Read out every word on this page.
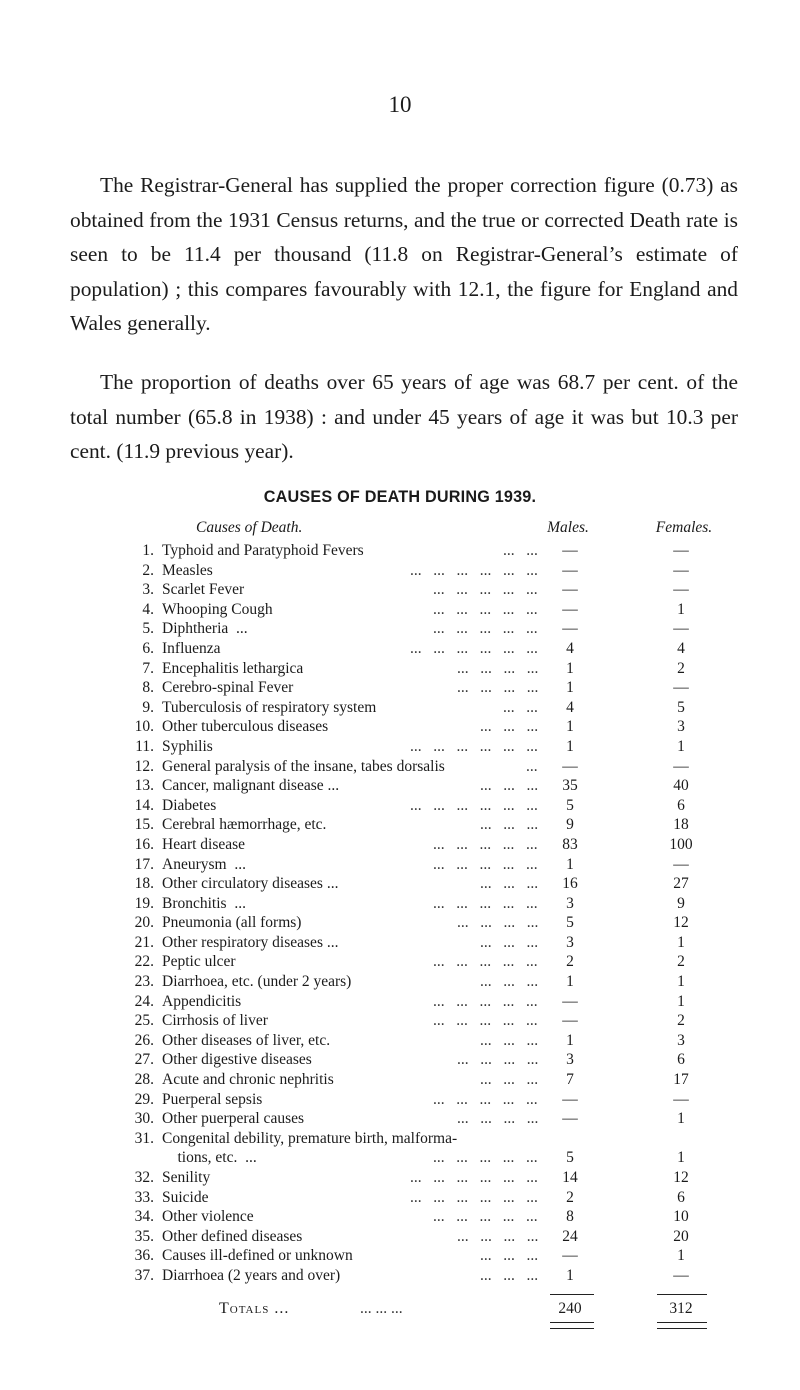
10

The Registrar-General has supplied the proper correction figure (0.73) as obtained from the 1931 Census returns, and the true or corrected Death rate is seen to be 11.4 per thousand (11.8 on Registrar-General’s estimate of population) ; this compares favourably with 12.1, the figure for England and Wales generally.

The proportion of deaths over 65 years of age was 68.7 per cent. of the total number (65.8 in 1938) : and under 45 years of age it was but 10.3 per cent. (11.9 previous year).

CAUSES OF DEATH DURING 1939.
Causes of Death.	Males.	Females.
1. Typhoid and Paratyphoid Fevers	...   ...	—	—
2. Measles	...   ...   ...   ...   ...   ...	—	—
3. Scarlet Fever	...   ...   ...   ...   ...	—	—
4. Whooping Cough	...   ...   ...   ...   ...	—	1
5. Diphtheria  ...	...   ...   ...   ...   ...	—	—
6. Influenza	...   ...   ...   ...   ...   ...	4	4
7. Encephalitis lethargica	...   ...   ...   ...	1	2
8. Cerebro-spinal Fever	...   ...   ...   ...	1	—
9. Tuberculosis of respiratory system	...   ...	4	5
10. Other tuberculous diseases	...   ...   ...	1	3
11. Syphilis	...   ...   ...   ...   ...   ...	1	1
12. General paralysis of the insane, tabes dorsalis	...	—	—
13. Cancer, malignant disease ...	...   ...   ...	35	40
14. Diabetes	...   ...   ...   ...   ...   ...	5	6
15. Cerebral hæmorrhage, etc.	...   ...   ...	9	18
16. Heart disease	...   ...   ...   ...   ...	83	100
17. Aneurysm  ...	...   ...   ...   ...   ...	1	—
18. Other circulatory diseases ...	...   ...   ...	16	27
19. Bronchitis  ...	...   ...   ...   ...   ...	3	9
20. Pneumonia (all forms)	...   ...   ...   ...	5	12
21. Other respiratory diseases ...	...   ...   ...	3	1
22. Peptic ulcer	...   ...   ...   ...   ...	2	2
23. Diarrhoea, etc. (under 2 years)	...   ...   ...	1	1
24. Appendicitis	...   ...   ...   ...   ...	—	1
25. Cirrhosis of liver	...   ...   ...   ...   ...	—	2
26. Other diseases of liver, etc.	...   ...   ...	1	3
27. Other digestive diseases	...   ...   ...   ...	3	6
28. Acute and chronic nephritis	...   ...   ...	7	17
29. Puerperal sepsis	...   ...   ...   ...   ...	—	—
30. Other puerperal causes	...   ...   ...   ...	—	1
31. Congenital debility, premature birth, malforma-
tions, etc.  ...	...   ...   ...   ...   ...	5	1
32. Senility	...   ...   ...   ...   ...   ...	14	12
33. Suicide	...   ...   ...   ...   ...   ...	2	6
34. Other violence	...   ...   ...   ...   ...	8	10
35. Other defined diseases	...   ...   ...   ...	24	20
36. Causes ill-defined or unknown	...   ...   ...	—	1
37. Diarrhoea (2 years and over)	...   ...   ...	1	—
Totals ...	... ... ...	240	312
